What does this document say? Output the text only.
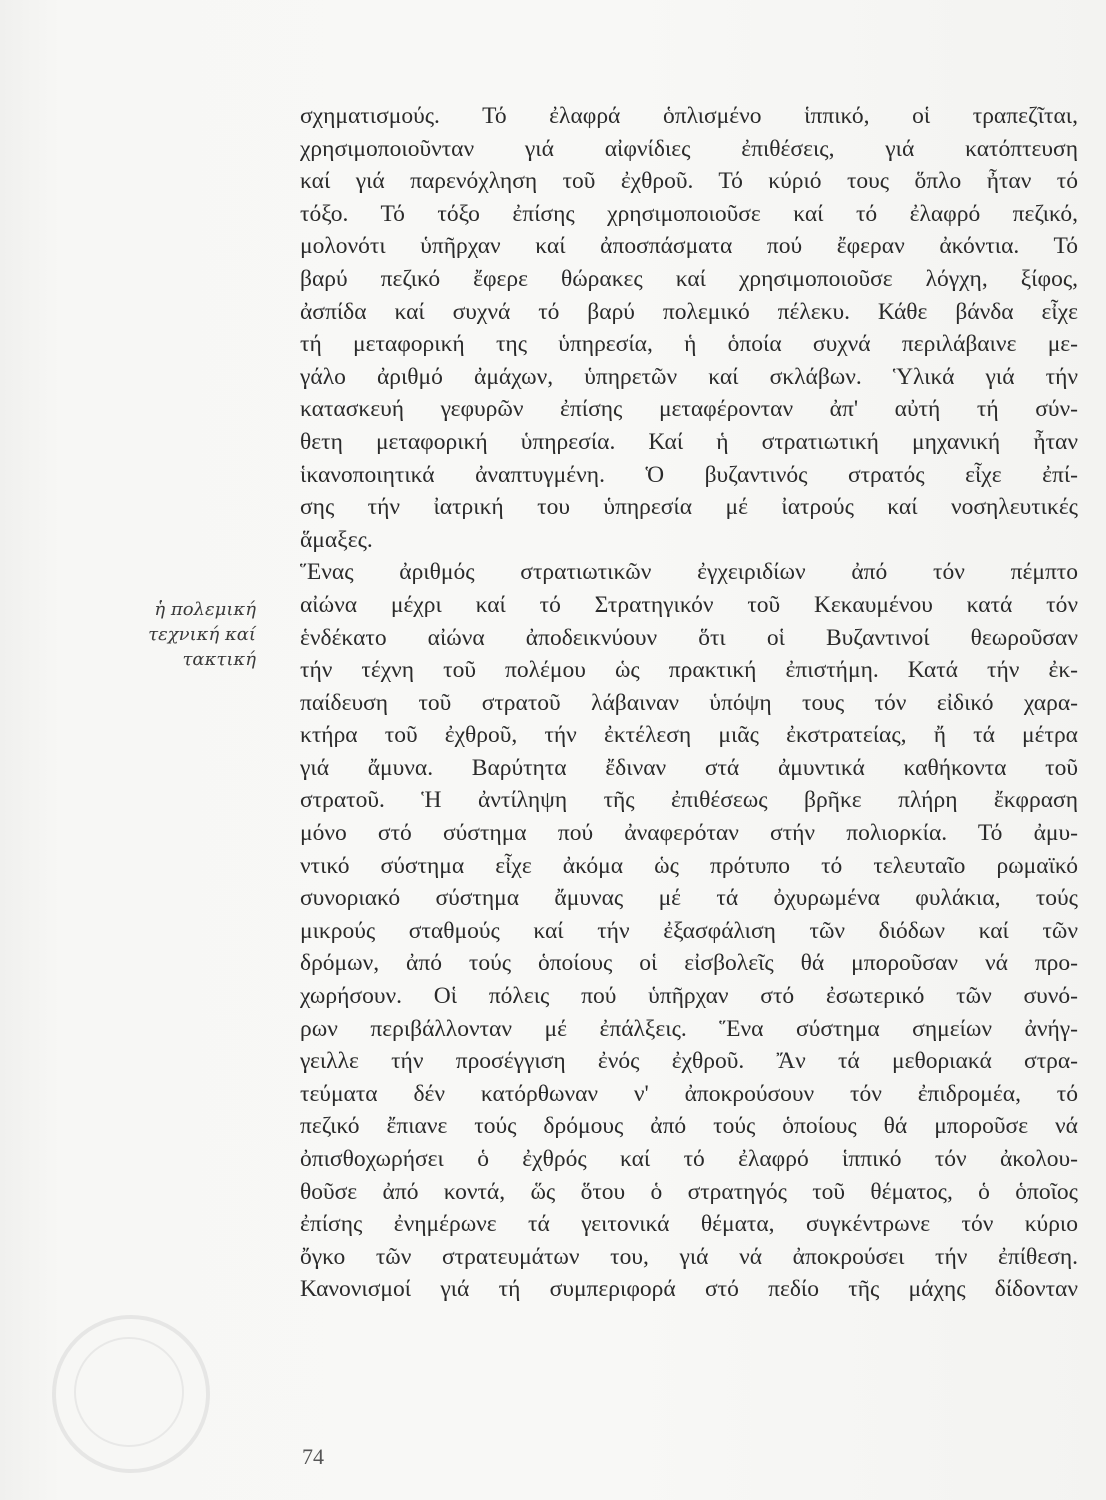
ἡ πολεμική
τεχνική καί
τακτική
σχηματισμούς. Τό ἐλαφρά ὁπλισμένο ἱππικό, οἱ τραπεζῖται,
χρησιμοποιοῦνταν γιά αἰφνίδιες ἐπιθέσεις, γιά κατόπτευση
καί γιά παρενόχληση τοῦ ἐχθροῦ. Τό κύριό τους ὅπλο ἦταν τό
τόξο. Τό τόξο ἐπίσης χρησιμοποιοῦσε καί τό ἐλαφρό πεζικό,
μολονότι ὑπῆρχαν καί ἀποσπάσματα πού ἔφεραν ἀκόντια. Τό
βαρύ πεζικό ἔφερε θώρακες καί χρησιμοποιοῦσε λόγχη, ξίφος,
ἀσπίδα καί συχνά τό βαρύ πολεμικό πέλεκυ. Κάθε βάνδα εἶχε
τή μεταφορική της ὑπηρεσία, ἡ ὁποία συχνά περιλάβαινε με-
γάλο ἀριθμό ἀμάχων, ὑπηρετῶν καί σκλάβων. Ὑλικά γιά τήν
κατασκευή γεφυρῶν ἐπίσης μεταφέρονταν ἀπ' αὐτή τή σύν-
θετη μεταφορική ὑπηρεσία. Καί ἡ στρατιωτική μηχανική ἦταν
ἱκανοποιητικά ἀναπτυγμένη. Ὁ βυζαντινός στρατός εἶχε ἐπί-
σης τήν ἰατρική του ὑπηρεσία μέ ἰατρούς καί νοσηλευτικές
ἅμαξες.
Ἕνας ἀριθμός στρατιωτικῶν ἐγχειριδίων ἀπό τόν πέμπτο
αἰώνα μέχρι καί τό Στρατηγικόν τοῦ Κεκαυμένου κατά τόν
ἑνδέκατο αἰώνα ἀποδεικνύουν ὅτι οἱ Βυζαντινοί θεωροῦσαν
τήν τέχνη τοῦ πολέμου ὡς πρακτική ἐπιστήμη. Κατά τήν ἐκ-
παίδευση τοῦ στρατοῦ λάβαιναν ὑπόψη τους τόν εἰδικό χαρα-
κτήρα τοῦ ἐχθροῦ, τήν ἐκτέλεση μιᾶς ἐκστρατείας, ἤ τά μέτρα
γιά ἄμυνα. Βαρύτητα ἔδιναν στά ἀμυντικά καθήκοντα τοῦ
στρατοῦ. Ἡ ἀντίληψη τῆς ἐπιθέσεως βρῆκε πλήρη ἔκφραση
μόνο στό σύστημα πού ἀναφερόταν στήν πολιορκία. Τό ἀμυ-
ντικό σύστημα εἶχε ἀκόμα ὡς πρότυπο τό τελευταῖο ρωμαϊκό
συνοριακό σύστημα ἄμυνας μέ τά ὀχυρωμένα φυλάκια, τούς
μικρούς σταθμούς καί τήν ἐξασφάλιση τῶν διόδων καί τῶν
δρόμων, ἀπό τούς ὁποίους οἱ εἰσβολεῖς θά μποροῦσαν νά προ-
χωρήσουν. Οἱ πόλεις πού ὑπῆρχαν στό ἐσωτερικό τῶν συνό-
ρων περιβάλλονταν μέ ἐπάλξεις. Ἕνα σύστημα σημείων ἀνήγ-
γειλλε τήν προσέγγιση ἐνός ἐχθροῦ. Ἄν τά μεθοριακά στρα-
τεύματα δέν κατόρθωναν ν' ἀποκρούσουν τόν ἐπιδρομέα, τό
πεζικό ἔπιανε τούς δρόμους ἀπό τούς ὁποίους θά μποροῦσε νά
ὀπισθοχωρήσει ὁ ἐχθρός καί τό ἐλαφρό ἱππικό τόν ἀκολου-
θοῦσε ἀπό κοντά, ὥς ὅτου ὁ στρατηγός τοῦ θέματος, ὁ ὁποῖος
ἐπίσης ἐνημέρωνε τά γειτονικά θέματα, συγκέντρωνε τόν κύριο
ὄγκο τῶν στρατευμάτων του, γιά νά ἀποκρούσει τήν ἐπίθεση.
Κανονισμοί γιά τή συμπεριφορά στό πεδίο τῆς μάχης δίδονταν
74
